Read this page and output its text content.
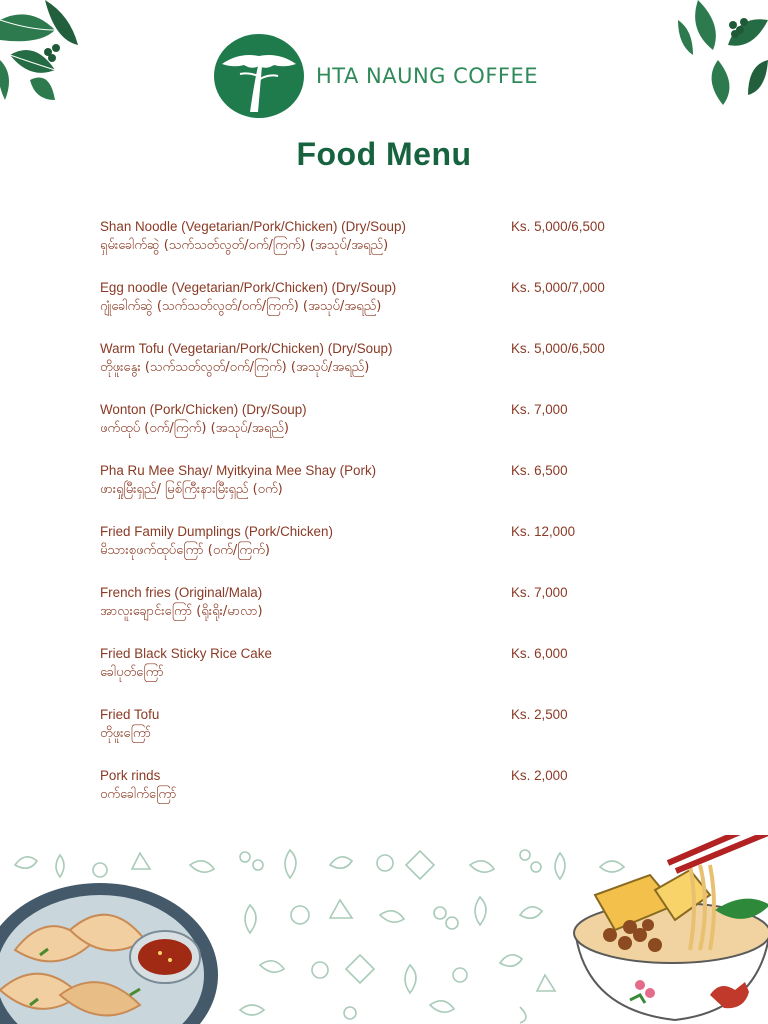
HTA NAUNG COFFEE
Food Menu
Shan Noodle (Vegetarian/Pork/Chicken) (Dry/Soup)
ရှမ်းခေါက်ဆွဲ (သက်သတ်လွတ်/ဝက်/ကြက်) (အသုပ်/အရည်)
Ks. 5,000/6,500
Egg noodle (Vegetarian/Pork/Chicken) (Dry/Soup)
ဂျုံခေါက်ဆွဲ (သက်သတ်လွတ်/ဝက်/ကြက်) (အသုပ်/အရည်)
Ks. 5,000/7,000
Warm Tofu (Vegetarian/Pork/Chicken) (Dry/Soup)
တိုဖူးနွေး (သက်သတ်လွတ်/ဝက်/ကြက်) (အသုပ်/အရည်)
Ks. 5,000/6,500
Wonton (Pork/Chicken) (Dry/Soup)
ဖက်ထုပ် (ဝက်/ကြက်) (အသုပ်/အရည်)
Ks. 7,000
Pha Ru Mee Shay/ Myitkyina Mee Shay (Pork)
ဖားရှုမြီးရှည်/ မြစ်ကြီးနားမြီးရှည် (ဝက်)
Ks. 6,500
Fried Family Dumplings (Pork/Chicken)
မိသားစုဖက်ထုပ်ကြော် (ဝက်/ကြက်)
Ks. 12,000
French fries (Original/Mala)
အာလူးချောင်းကြော် (ရိုးရိုး/မာလာ)
Ks. 7,000
Fried Black Sticky Rice Cake
ခေါပုတ်ကြော်
Ks. 6,000
Fried Tofu
တိုဖူးကြော်
Ks. 2,500
Pork rinds
ဝက်ခေါက်ကြော်
Ks. 2,000
